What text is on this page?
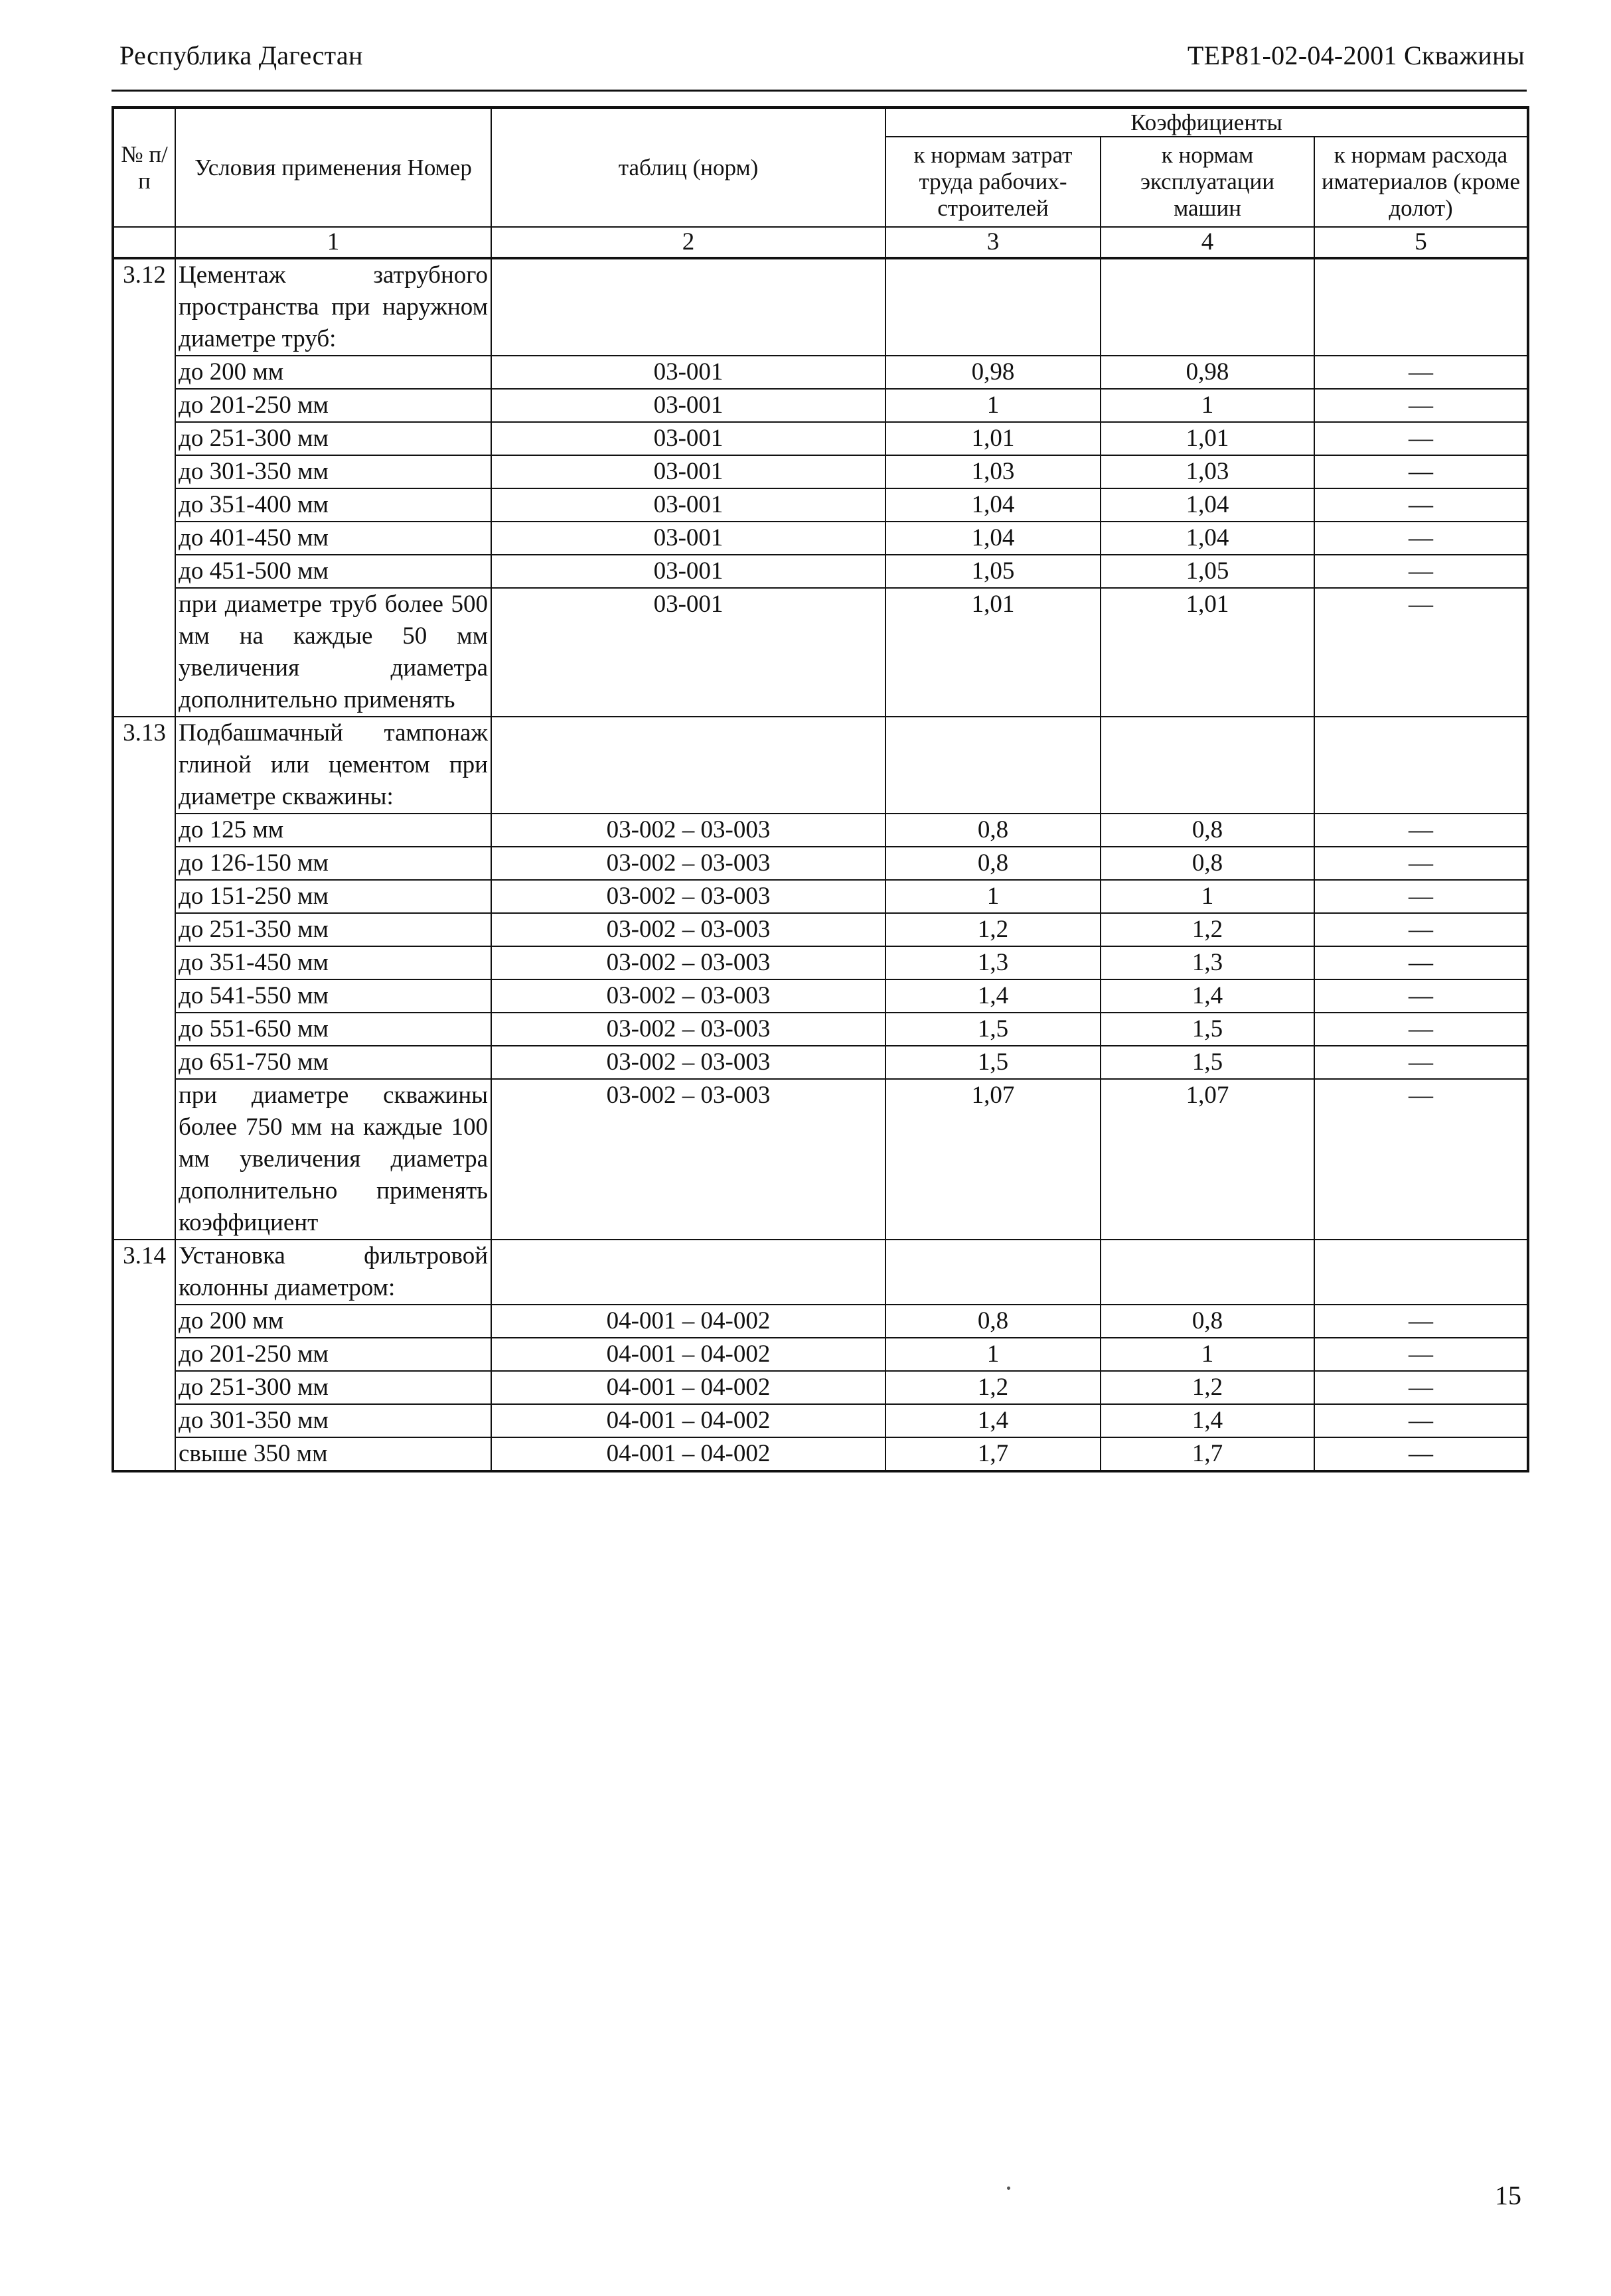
Республика Дагестан	ТЕР81-02-04-2001 Скважины
№ п/п	Условия применения Номер	таблиц (норм)	Коэффициенты		
			к нормам затрат труда рабочих-строителей	к нормам эксплуатации машин	к нормам расхода иматериалов (кроме долот)
	1	2	3	4	5
3.12	Цементаж затрубного пространства при наружном диаметре труб:				
	до 200 мм	03-001	0,98	0,98	—
	до 201-250 мм	03-001	1	1	—
	до 251-300 мм	03-001	1,01	1,01	—
	до 301-350 мм	03-001	1,03	1,03	—
	до 351-400 мм	03-001	1,04	1,04	—
	до 401-450 мм	03-001	1,04	1,04	—
	до 451-500 мм	03-001	1,05	1,05	—
	при диаметре труб более 500 мм на каждые 50 мм увеличения диаметра дополнительно применять	03-001	1,01	1,01	—
3.13	Подбашмачный тампонаж глиной или цементом при диаметре скважины:				
	до 125 мм	03-002 – 03-003	0,8	0,8	—
	до 126-150 мм	03-002 – 03-003	0,8	0,8	—
	до 151-250 мм	03-002 – 03-003	1	1	—
	до 251-350 мм	03-002 – 03-003	1,2	1,2	—
	до 351-450 мм	03-002 – 03-003	1,3	1,3	—
	до 541-550 мм	03-002 – 03-003	1,4	1,4	—
	до 551-650 мм	03-002 – 03-003	1,5	1,5	—
	до 651-750 мм	03-002 – 03-003	1,5	1,5	—
	при диаметре скважины более 750 мм на каждые 100 мм увеличения диаметра дополнительно применять коэффициент	03-002 – 03-003	1,07	1,07	—
3.14	Установка фильтровой колонны диаметром:				
	до 200 мм	04-001 – 04-002	0,8	0,8	—
	до 201-250 мм	04-001 – 04-002	1	1	—
	до 251-300 мм	04-001 – 04-002	1,2	1,2	—
	до 301-350 мм	04-001 – 04-002	1,4	1,4	—
	свыше 350 мм	04-001 – 04-002	1,7	1,7	—
15
